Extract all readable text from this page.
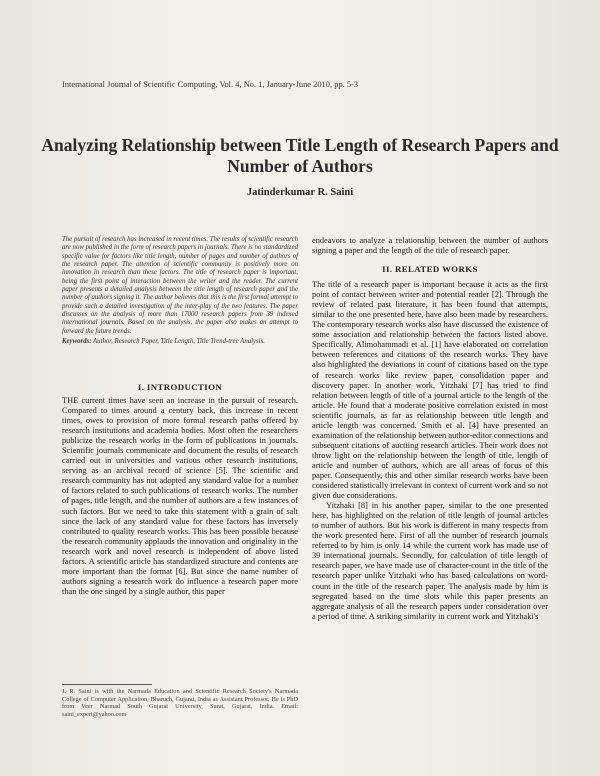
International Journal of Scientific Computing, Vol. 4, No. 1, January-June 2010, pp. 5-3
Analyzing Relationship between Title Length of Research Papers and Number of Authors
Jatinderkumar R. Saini

The pursuit of research has increased in recent times. The results of scientific research are now published in the form of research papers in journals. There is no standardized specific value for factors like title length, number of pages and number of authors of the research paper. The attention of scientific community is positively more on innovation in research than these factors. The title of research paper is important, being the first point of interaction between the writer and the reader. The current paper presents a detailed analysis between the title length of research paper and the number of authors signing it. The author believes that this is the first formal attempt to provide such a detailed investigation of the inter-play of the two features. The paper discusses on the analysis of more than 17000 research papers from 39 indexed international journals. Based on the analysis, the paper also makes an attempt to forward the future trends.

Keywords: Author, Research Paper, Title Length, Title Trend-tree Analysis.

I. INTRODUCTION

THE current times have seen an increase in the pursuit of research. Compared to times around a century back, this increase in recent times, owes to provision of more formal research paths offered by research institutions and academia bodies. Most often the researchers publicize the research works in the form of publications in journals. Scientific journals communicate and document the results of research carried out in universities and various other research institutions, serving as an archival record of science [5]. The scientific and research community has not adopted any standard value for a number of factors related to such publications of research works. The number of pages, title length, and the number of authors are a few instances of such factors. But we need to take this statement with a grain of salt since the lack of any standard value for these factors has inversely contributed to quality research works. This has been possible because the research community applauds the innovation and originality in the research work and novel research is independent of above listed factors. A scientific article has standardized structure and contents are more important than the format [6]. But since the name number of authors signing a research work do influence a research paper more than the one singed by a single author, this paper

J. R. Saini is with the Narmada Education and Scientific Research Society's Narmada College of Computer Application, Bharuch, Gujarat, India as Assistant Professor. He is PhD from Veer Narmad South Gujarat University, Surat, Gujarat, India. Email: saini_expert@yahoo.com

endeavors to analyze a relationship between the number of authors signing a paper and the length of the title of research paper.

II. RELATED WORKS

The title of a research paper is important because it acts as the first point of contact between writer and potential reader [2]. Through the review of related past literature, it has been found that attempts, similar to the one presented here, have also been made by researchers. The contemporary research works also have discussed the existence of some association and relationship between the factors listed above. Specifically, Alimohammadi et al. [1] have elaborated on correlation between references and citations of the research works. They have also highlighted the deviations in count of citations based on the type of research works like review paper, consolidation paper and discovery paper. In another work, Yitzhaki [7] has tried to find relation between length of title of a journal article to the length of the article. He found that a moderate positive correlation existed in most scientific journals, as far as relationship between title length and article length was concerned. Smith et al. [4] have presented an examination of the relationship between author-editor connections and subsequent citations of auctiing research articles. Their work does not throw light on the relationship between the length of title, length of article and number of authors, which are all areas of focus of this paper. Consequently, this and other similar research works have been considered statistically irrelevant in context of current work and so not given due considerations.

Yitzhaki [8] in his another paper, similar to the one presented here, has highlighted on the relation of title length of journal articles to number of authors. But his work is different in many respects from the work presented here. First of all the number of research journals referred to by him is only 14 while the current work has made use of 39 international journals. Secondly, for calculation of title length of research paper, we have made use of character-count in the title of the research paper unlike Yitzhaki who has based calculations on word-count in the title of the research paper. The analysis made by him is segregated based on the time slots while this paper presents an aggregate analysis of all the research papers under consideration over a period of time. A striking similarity in current work and Yitzhaki's
